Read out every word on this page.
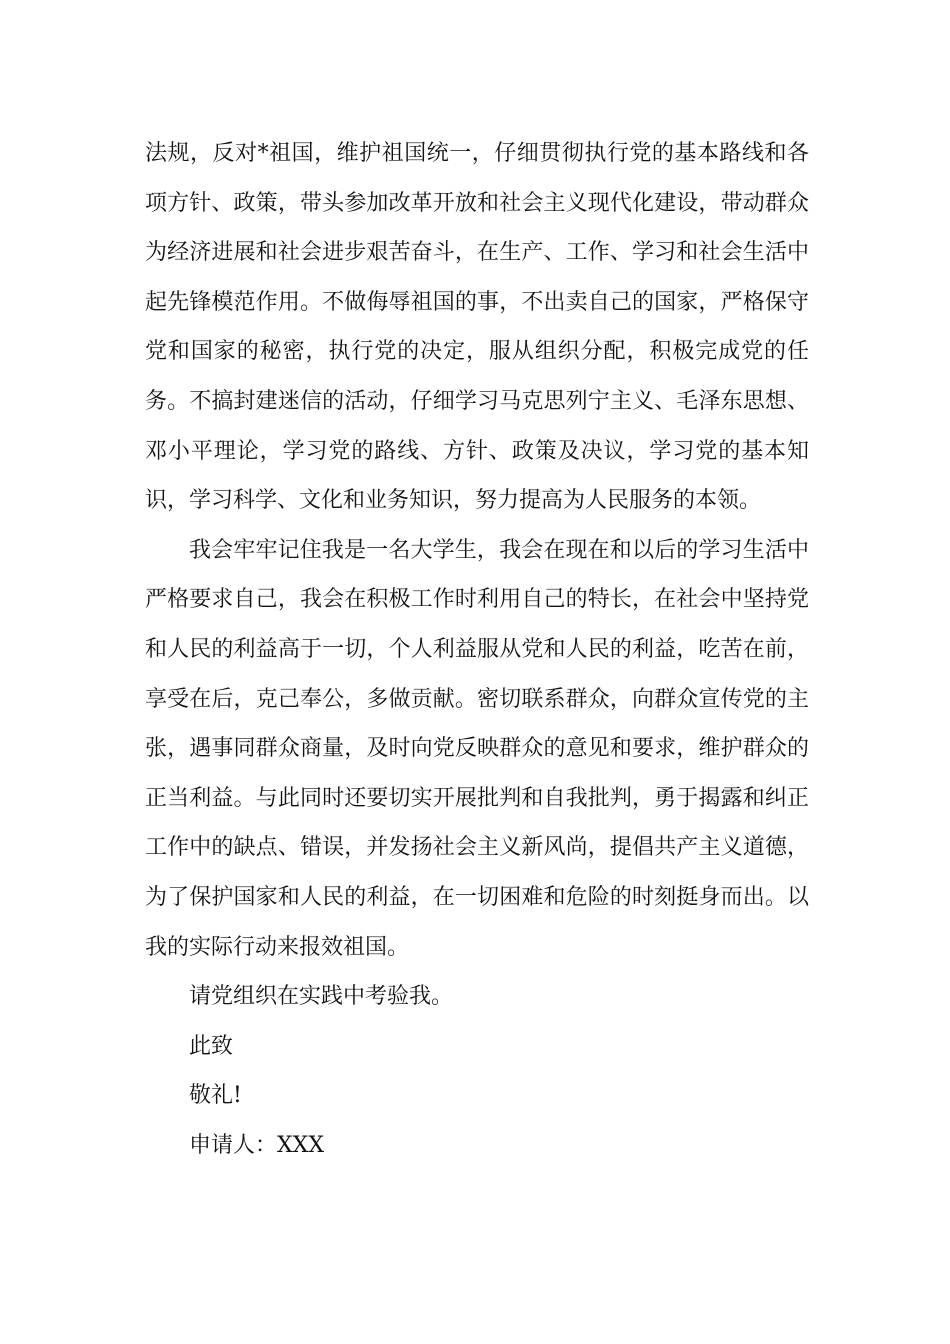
法规，反对*祖国，维护祖国统一，仔细贯彻执行党的基本路线和各项方针、政策，带头参加改革开放和社会主义现代化建设，带动群众为经济进展和社会进步艰苦奋斗，在生产、工作、学习和社会生活中起先锋模范作用。不做侮辱祖国的事，不出卖自己的国家，严格保守党和国家的秘密，执行党的决定，服从组织分配，积极完成党的任务。不搞封建迷信的活动，仔细学习马克思列宁主义、毛泽东思想、邓小平理论，学习党的路线、方针、政策及决议，学习党的基本知识，学习科学、文化和业务知识，努力提高为人民服务的本领。

我会牢牢记住我是一名大学生，我会在现在和以后的学习生活中严格要求自己，我会在积极工作时利用自己的特长，在社会中坚持党和人民的利益高于一切，个人利益服从党和人民的利益，吃苦在前，享受在后，克己奉公，多做贡献。密切联系群众，向群众宣传党的主张，遇事同群众商量，及时向党反映群众的意见和要求，维护群众的正当利益。与此同时还要切实开展批判和自我批判，勇于揭露和纠正工作中的缺点、错误，并发扬社会主义新风尚，提倡共产主义道德，为了保护国家和人民的利益，在一切困难和危险的时刻挺身而出。以我的实际行动来报效祖国。

请党组织在实践中考验我。

此致

敬礼!

申请人：XXX
